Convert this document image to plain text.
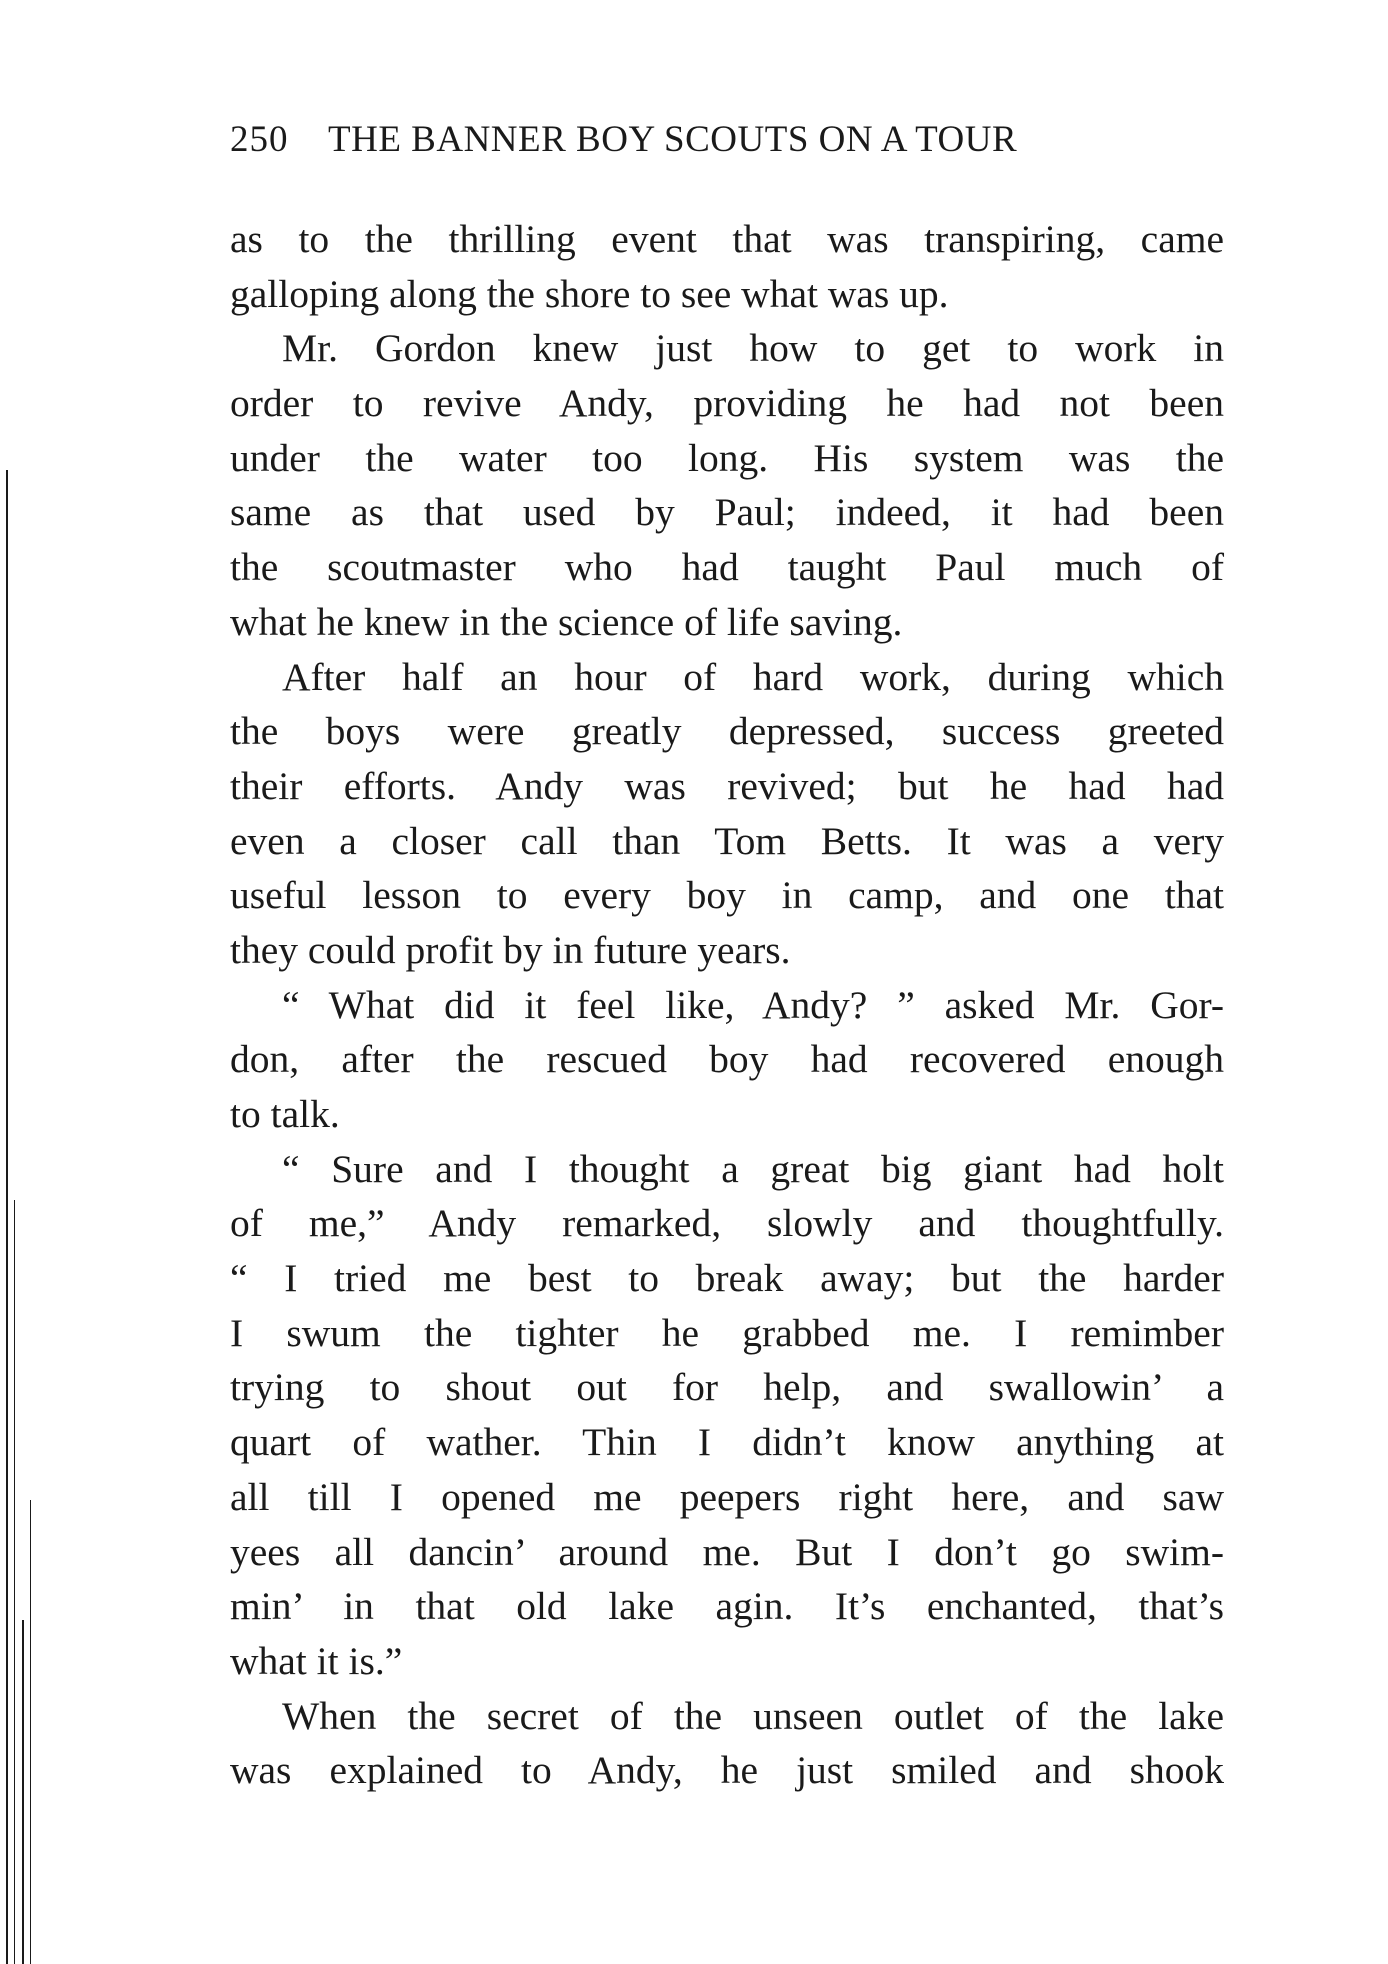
250 THE BANNER BOY SCOUTS ON A TOUR
as to the thrilling event that was transpiring, came
galloping along the shore to see what was up.
Mr. Gordon knew just how to get to work in
order to revive Andy, providing he had not been
under the water too long. His system was the
same as that used by Paul; indeed, it had been
the scoutmaster who had taught Paul much of
what he knew in the science of life saving.
After half an hour of hard work, during which
the boys were greatly depressed, success greeted
their efforts. Andy was revived; but he had had
even a closer call than Tom Betts. It was a very
useful lesson to every boy in camp, and one that
they could profit by in future years.
“ What did it feel like, Andy? ” asked Mr. Gor-
don, after the rescued boy had recovered enough
to talk.
“ Sure and I thought a great big giant had holt
of me,” Andy remarked, slowly and thoughtfully.
“ I tried me best to break away; but the harder
I swum the tighter he grabbed me. I remimber
trying to shout out for help, and swallowin’ a
quart of wather. Thin I didn’t know anything at
all till I opened me peepers right here, and saw
yees all dancin’ around me. But I don’t go swim-
min’ in that old lake agin. It’s enchanted, that’s
what it is.”
When the secret of the unseen outlet of the lake
was explained to Andy, he just smiled and shook
